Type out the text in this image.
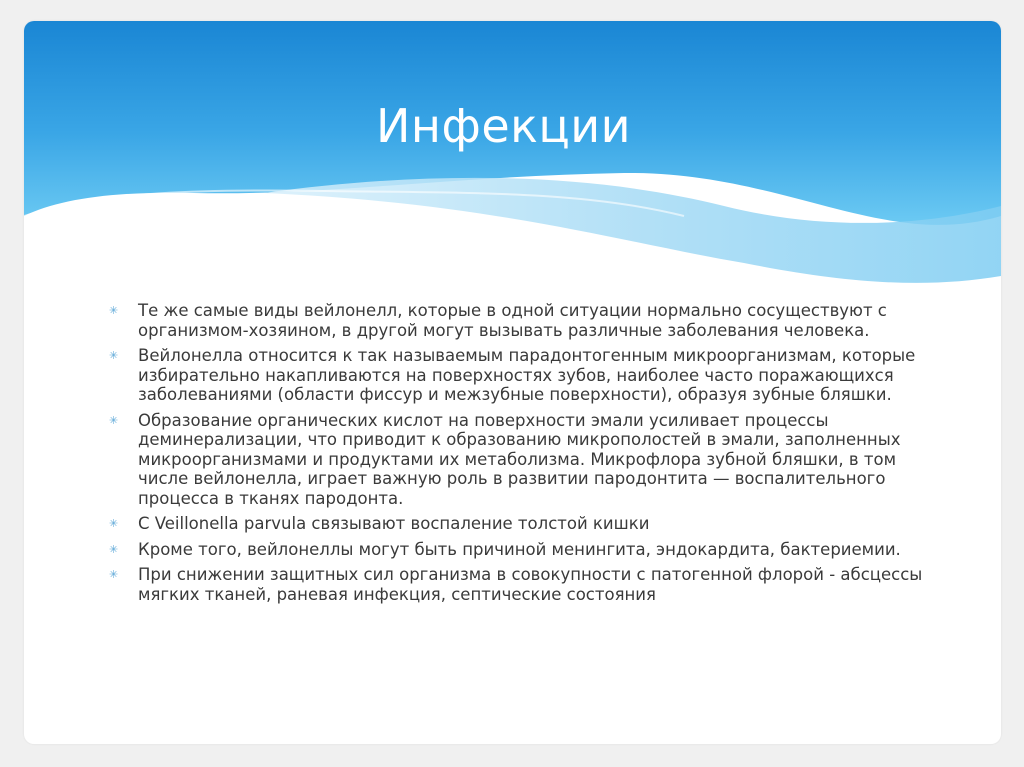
Инфекции
✳ Те же самые виды вейлонелл, которые в одной ситуации нормально сосуществуют с организмом-хозяином, в другой могут вызывать различные заболевания человека.
✳ Вейлонелла относится к так называемым парадонтогенным микроорганизмам, которые избирательно накапливаются на поверхностях зубов, наиболее часто поражающихся заболеваниями (области фиссур и межзубные поверхности), образуя зубные бляшки.
✳ Образование органических кислот на поверхности эмали усиливает процессы деминерализации, что приводит к образованию микрополостей в эмали, заполненных микроорганизмами и продуктами их метаболизма. Микрофлора зубной бляшки, в том числе вейлонелла, играет важную роль в развитии пародонтита — воспалительного процесса в тканях пародонта.
✳ С Veillonella parvula связывают воспаление толстой кишки
✳ Кроме того, вейлонеллы могут быть причиной менингита, эндокардита, бактериемии.
✳ При снижении защитных сил организма в совокупности с патогенной флорой - абсцессы мягких тканей, раневая инфекция, септические состояния
